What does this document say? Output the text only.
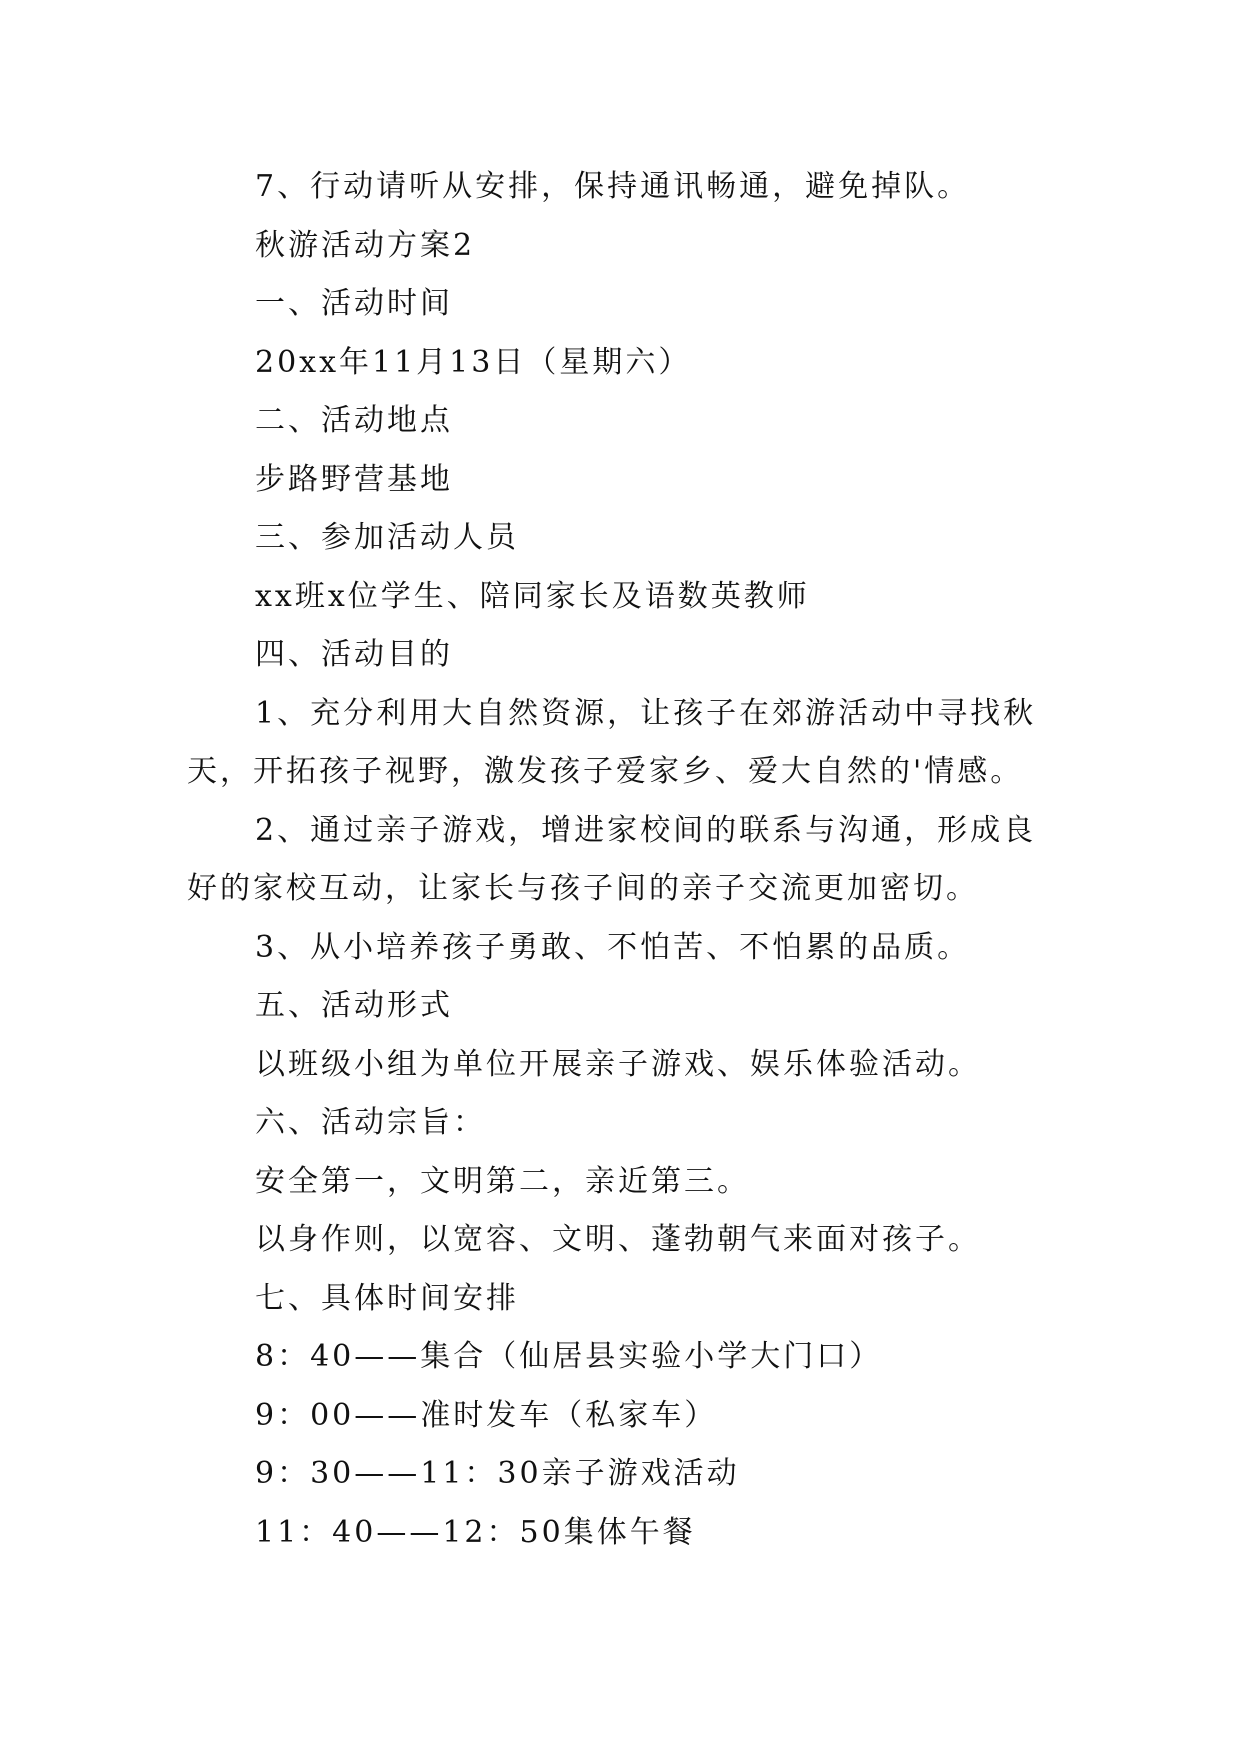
7、行动请听从安排，保持通讯畅通，避免掉队。

秋游活动方案2

一、活动时间

20xx年11月13日（星期六）

二、活动地点

步路野营基地

三、参加活动人员

xx班x位学生、陪同家长及语数英教师

四、活动目的

1、充分利用大自然资源，让孩子在郊游活动中寻找秋

天，开拓孩子视野，激发孩子爱家乡、爱大自然的'情感。

2、通过亲子游戏，增进家校间的联系与沟通，形成良

好的家校互动，让家长与孩子间的亲子交流更加密切。

3、从小培养孩子勇敢、不怕苦、不怕累的品质。

五、活动形式

以班级小组为单位开展亲子游戏、娱乐体验活动。

六、活动宗旨：

安全第一，文明第二，亲近第三。

以身作则，以宽容、文明、蓬勃朝气来面对孩子。

七、具体时间安排

8：40——集合（仙居县实验小学大门口）

9：00——准时发车（私家车）

9：30——11：30亲子游戏活动

11：40——12：50集体午餐
